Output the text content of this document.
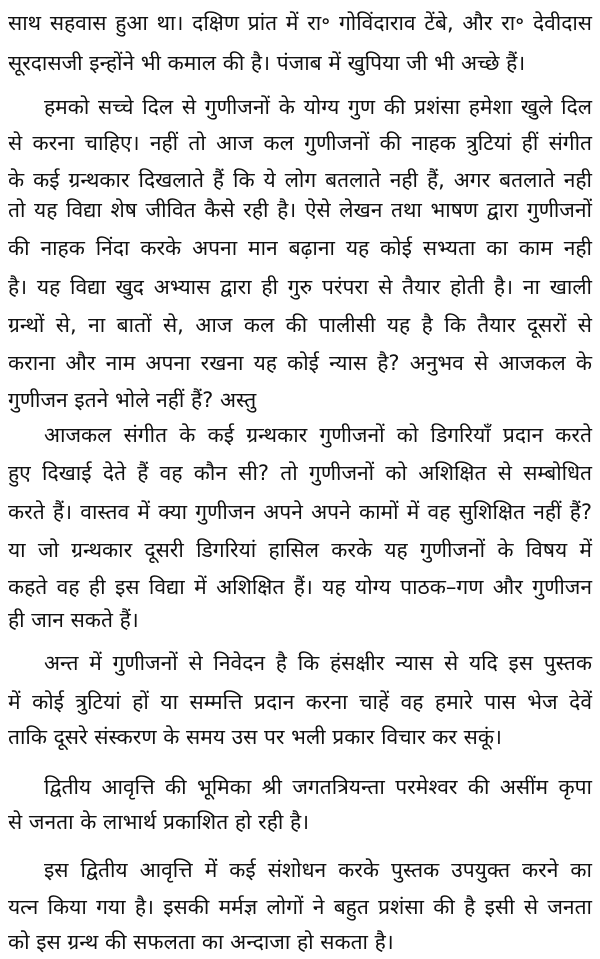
साथ सहवास हुआ था। दक्षिण प्रांत में रा॰ गोविंदाराव टेंबे, और रा॰ देवीदास
सूरदासजी इन्होंने भी कमाल की है। पंजाब में खुपिया जी भी अच्छे हैं।
हमको सच्चे दिल से गुणीजनों के योग्य गुण की प्रशंसा हमेशा खुले दिल
से करना चाहिए। नहीं तो आज कल गुणीजनों की नाहक त्रुटियां हीं संगीत
के कई ग्रन्थकार दिखलाते हैं कि ये लोग बतलाते नही हैं, अगर बतलाते नही
तो यह विद्या शेष जीवित कैसे रही है। ऐसे लेखन तथा भाषण द्वारा गुणीजनों
की नाहक निंदा करके अपना मान बढ़ाना यह कोई सभ्यता का काम नही
है। यह विद्या खुद अभ्यास द्वारा ही गुरु परंपरा से तैयार होती है। ना खाली
ग्रन्थों से, ना बातों से, आज कल की पालीसी यह है कि तैयार दूसरों से
कराना और नाम अपना रखना यह कोई न्यास है? अनुभव से आजकल के
गुणीजन इतने भोले नहीं हैं? अस्तु
आजकल संगीत के कई ग्रन्थकार गुणीजनों को डिगरियाँ प्रदान करते
हुए दिखाई देते हैं वह कौन सी? तो गुणीजनों को अशिक्षित से सम्बोधित
करते हैं। वास्तव में क्या गुणीजन अपने अपने कामों में वह सुशिक्षित नहीं हैं?
या जो ग्रन्थकार दूसरी डिगरियां हासिल करके यह गुणीजनों के विषय में
कहते वह ही इस विद्या में अशिक्षित हैं। यह योग्य पाठक–गण और गुणीजन
ही जान सकते हैं।
अन्त में गुणीजनों से निवेदन है कि हंसक्षीर न्यास से यदि इस पुस्तक
में कोई त्रुटियां हों या सम्मत्ति प्रदान करना चाहें वह हमारे पास भेज देवें
ताकि दूसरे संस्करण के समय उस पर भली प्रकार विचार कर सकूं।
द्वितीय आवृत्ति की भूमिका श्री जगतत्रियन्ता परमेश्वर की असींम कृपा
से जनता के लाभार्थ प्रकाशित हो रही है।
इस द्वितीय आवृत्ति में कई संशोधन करके पुस्तक उपयुक्त करने का
यत्न किया गया है। इसकी मर्मज्ञ लोगों ने बहुत प्रशंसा की है इसी से जनता
को इस ग्रन्थ की सफलता का अन्दाजा हो सकता है।
